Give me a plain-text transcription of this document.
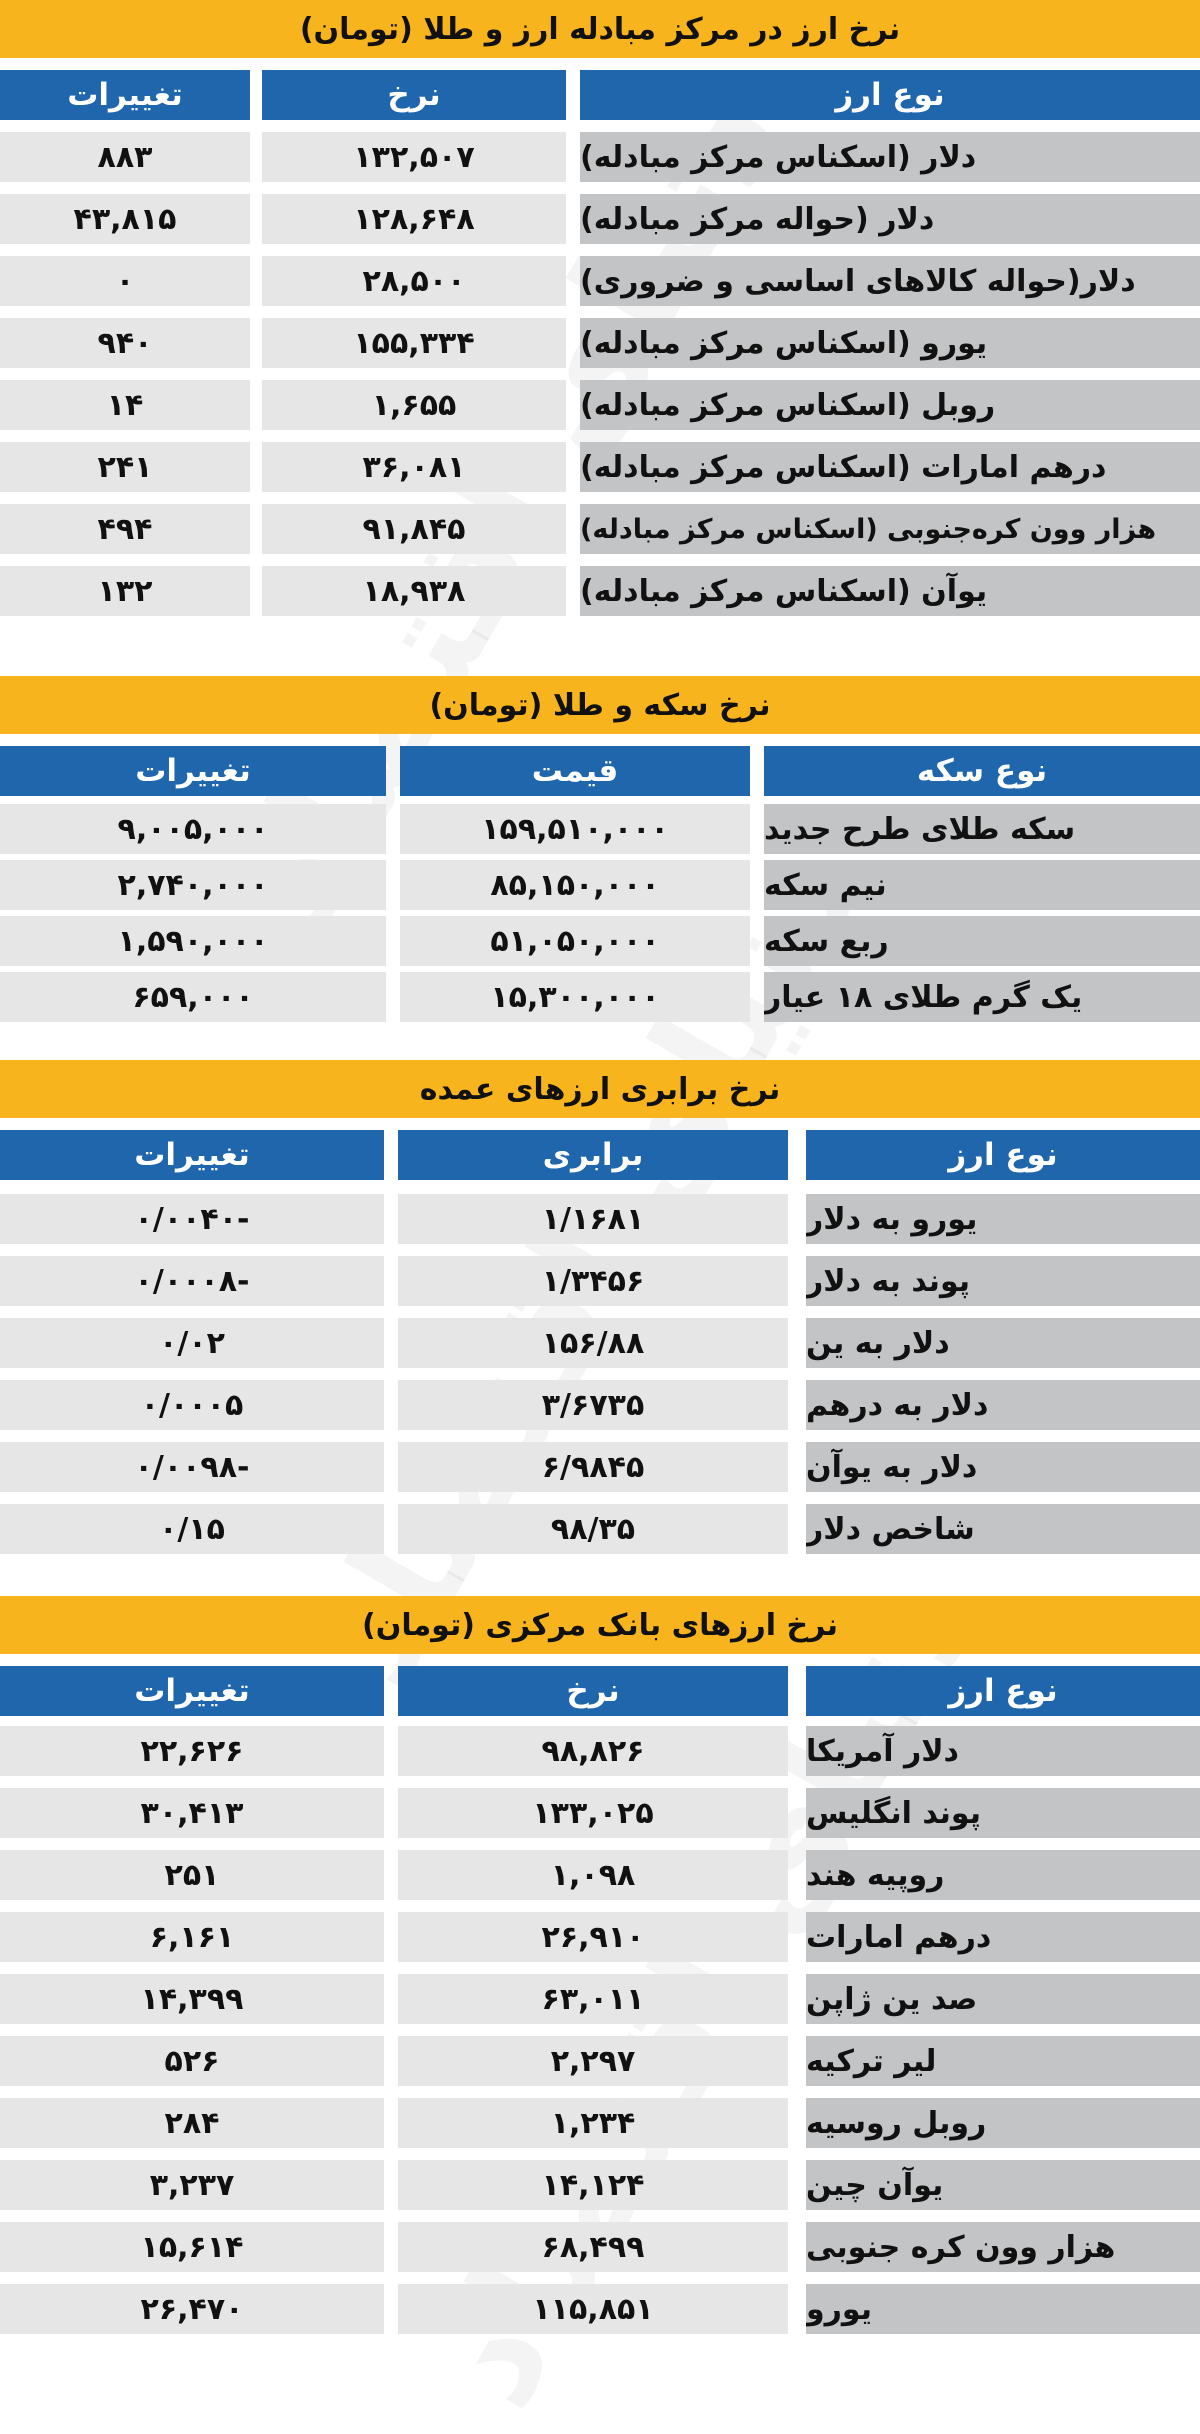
نرخ ارز در مرکز مبادله ارز و طلا (تومان)
تغییرات	نرخ	نوع ارز
۸۸۳	۱۳۲,۵۰۷	دلار (اسکناس مرکز مبادله)
۴۳,۸۱۵	۱۲۸,۶۴۸	دلار (حواله مرکز مبادله)
۰	۲۸,۵۰۰	دلار(حواله کالاهای اساسی و ضروری)
۹۴۰	۱۵۵,۳۳۴	یورو (اسکناس مرکز مبادله)
۱۴	۱,۶۵۵	روبل (اسکناس مرکز مبادله)
۲۴۱	۳۶,۰۸۱	درهم امارات (اسکناس مرکز مبادله)
۴۹۴	۹۱,۸۴۵	هزار وون کره‌جنوبی (اسکناس مرکز مبادله)
۱۳۲	۱۸,۹۳۸	یوآن (اسکناس مرکز مبادله)
نرخ سکه و طلا (تومان)
تغییرات	قیمت	نوع سکه
۹,۰۰۵,۰۰۰	۱۵۹,۵۱۰,۰۰۰	سکه طلای طرح جدید
۲,۷۴۰,۰۰۰	۸۵,۱۵۰,۰۰۰	نیم سکه
۱,۵۹۰,۰۰۰	۵۱,۰۵۰,۰۰۰	ربع سکه
۶۵۹,۰۰۰	۱۵,۳۰۰,۰۰۰	یک گرم طلای ۱۸ عیار
نرخ برابری ارزهای عمده
تغییرات	برابری	نوع ارز
-۰/۰۰۴۰	۱/۱۶۸۱	یورو به دلار
-۰/۰۰۰۸	۱/۳۴۵۶	پوند به دلار
۰/۰۲	۱۵۶/۸۸	دلار به ین
۰/۰۰۰۵	۳/۶۷۳۵	دلار به درهم
-۰/۰۰۹۸	۶/۹۸۴۵	دلار به یوآن
۰/۱۵	۹۸/۳۵	شاخص دلار
نرخ ارزهای بانک مرکزی (تومان)
تغییرات	نرخ	نوع ارز
۲۲,۶۲۶	۹۸,۸۲۶	دلار آمریکا
۳۰,۴۱۳	۱۳۳,۰۲۵	پوند انگلیس
۲۵۱	۱,۰۹۸	روپیه هند
۶,۱۶۱	۲۶,۹۱۰	درهم امارات
۱۴,۳۹۹	۶۳,۰۱۱	صد ین ژاپن
۵۲۶	۲,۲۹۷	لیر ترکیه
۲۸۴	۱,۲۳۴	روبل روسیه
۳,۲۳۷	۱۴,۱۲۴	یوآن چین
۱۵,۶۱۴	۶۸,۴۹۹	هزار وون کره جنوبی
۲۶,۴۷۰	۱۱۵,۸۵۱	یورو
